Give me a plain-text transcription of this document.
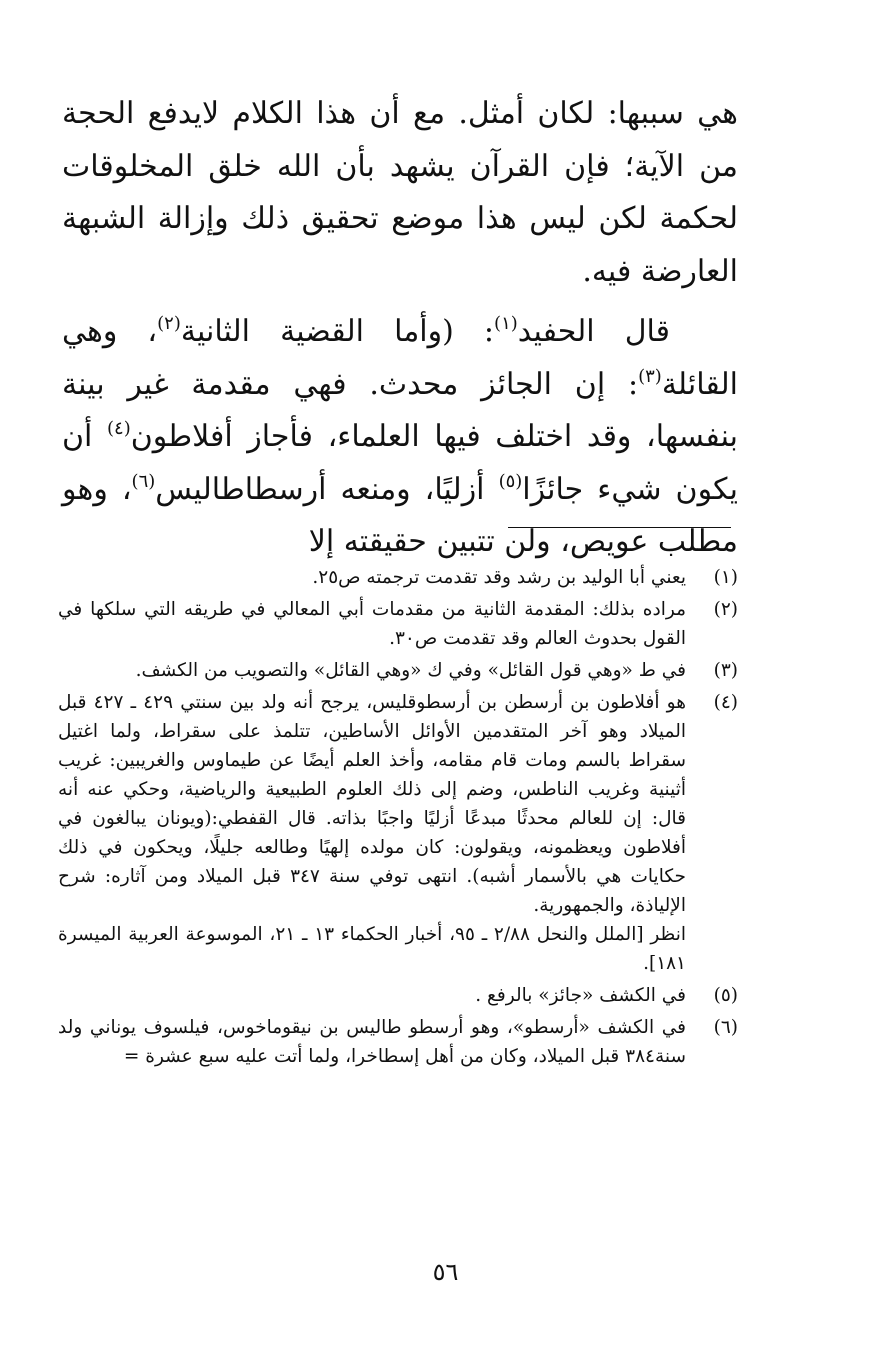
هي سببها: لكان أمثل. مع أن هذا الكلام لايدفع الحجة من الآية؛ فإن القرآن يشهد بأن الله خلق المخلوقات لحكمة لكن ليس هذا موضع تحقيق ذلك وإزالة الشبهة العارضة فيه.

قال الحفيد$^{(١)}$: (وأما القضية الثانية$^{(٢)}$، وهي القائلة$^{(٣)}$: إن الجائز محدث. فهي مقدمة غير بينة بنفسها، وقد اختلف فيها العلماء، فأجاز أفلاطون$^{(٤)}$ أن يكون شيء جائزًا$^{(٥)}$ أزليًا، ومنعه أرسطاطاليس$^{(٦)}$، وهو مطلب عويص، ولن تتبين حقيقته إلا

(١)

يعني أبا الوليد بن رشد وقد تقدمت ترجمته ص٢٥.

(٢)

مراده بذلك: المقدمة الثانية من مقدمات أبي المعالي في طريقه التي سلكها في القول بحدوث العالم وقد تقدمت ص٣٠.

(٣)

في ط «وهي قول القائل» وفي ك «وهي القائل» والتصويب من الكشف.

(٤)

هو أفلاطون بن أرسطن بن أرسطوقليس، يرجح أنه ولد بين سنتي ٤٢٩ ـ ٤٢٧ قبل الميلاد وهو آخر المتقدمين الأوائل الأساطين، تتلمذ على سقراط، ولما اغتيل سقراط بالسم ومات قام مقامه، وأخذ العلم أيضًا عن طيماوس والغريبين: غريب أثينية وغريب الناطس، وضم إلى ذلك العلوم الطبيعية والرياضية، وحكي عنه أنه قال: إن للعالم محدثًا مبدعًا أزليًا واجبًا بذاته. قال القفطي:(ويونان يبالغون في أفلاطون ويعظمونه، ويقولون: كان مولده إلهيًا وطالعه جليلًا، ويحكون في ذلك حكايات هي بالأسمار أشبه). انتهى توفي سنة ٣٤٧ قبل الميلاد ومن آثاره: شرح الإلياذة، والجمهورية.

انظر [الملل والنحل ٢/٨٨ ـ ٩٥، أخبار الحكماء ١٣ ـ ٢١، الموسوعة العربية الميسرة ١٨١].

(٥)

في الكشف «جائز» بالرفع .

(٦)

في الكشف «أرسطو»، وهو أرسطو طاليس بن نيقوماخوس، فيلسوف يوناني ولد سنة٣٨٤ قبل الميلاد، وكان من أهل إسطاخرا، ولما أتت عليه سبع عشرة =

٥٦
